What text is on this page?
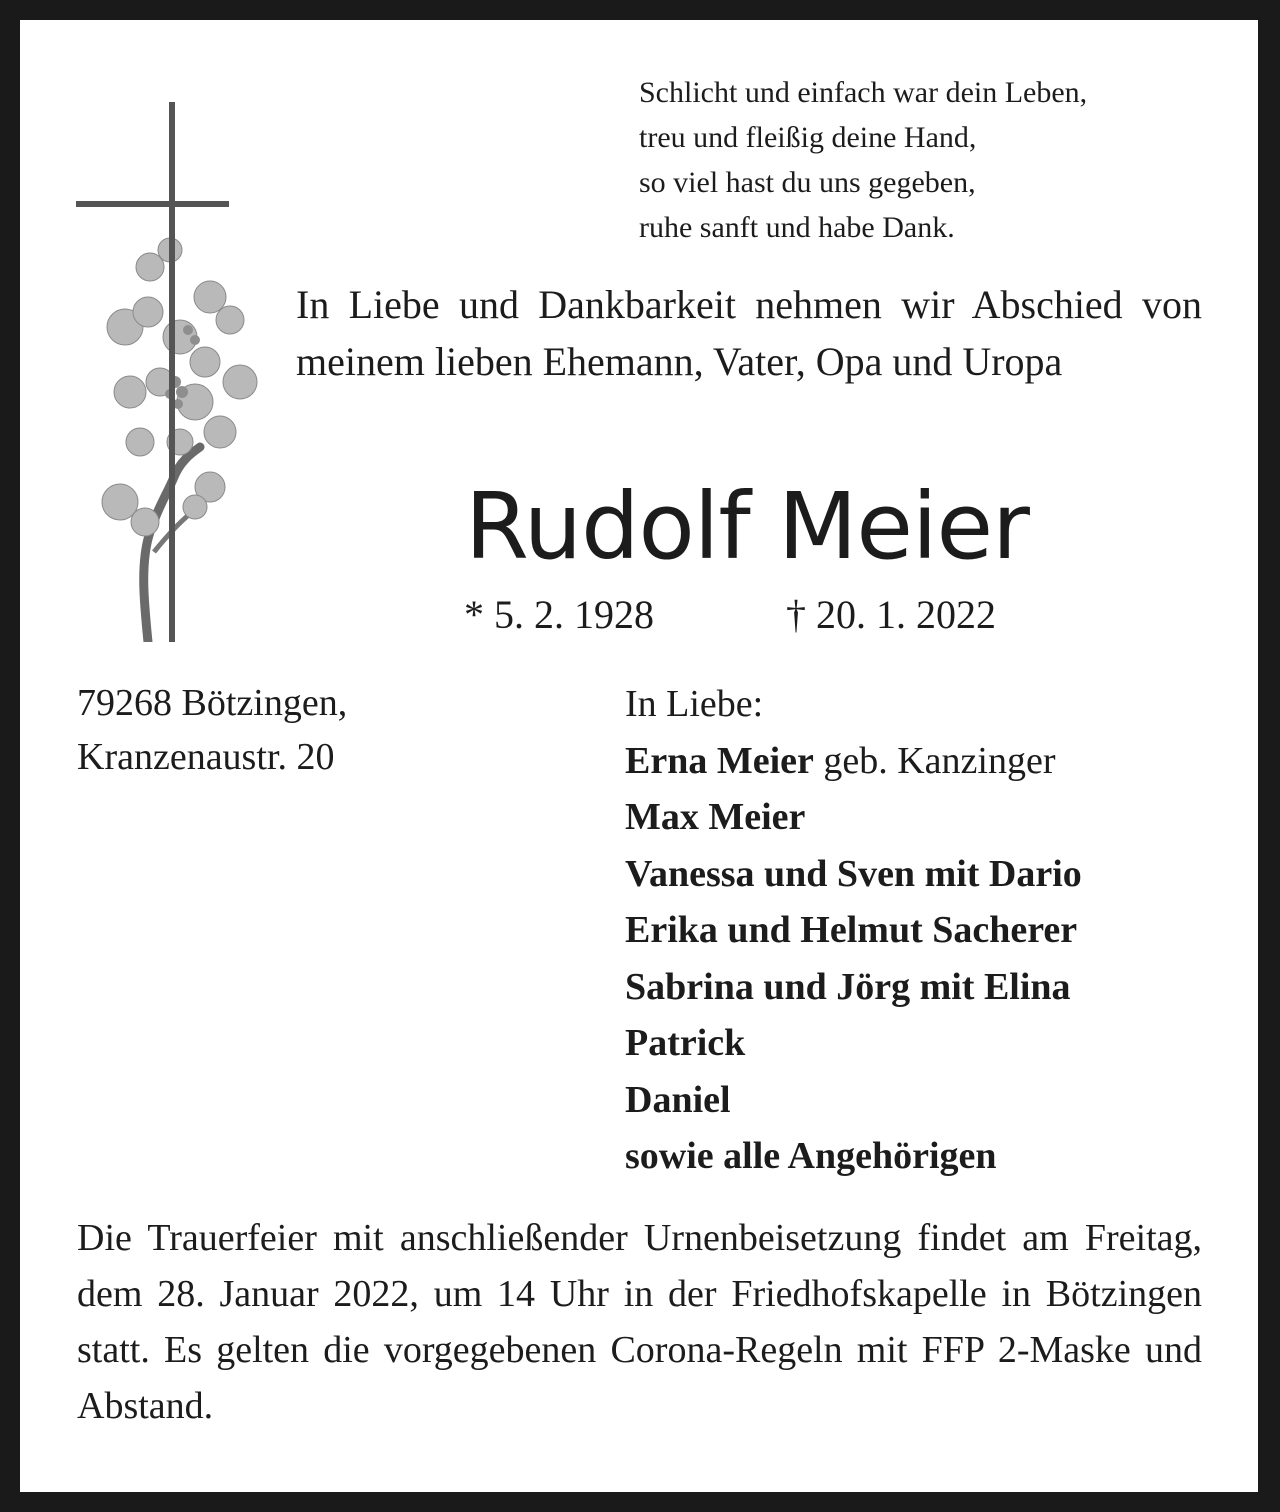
Schlicht und einfach war dein Leben,
treu und fleißig deine Hand,
so viel hast du uns gegeben,
ruhe sanft und habe Dank.
In Liebe und Dankbarkeit nehmen wir Abschied von meinem lieben Ehemann, Vater, Opa und Uropa
Rudolf Meier
* 5. 2. 1928	† 20. 1. 2022
79268 Bötzingen,
Kranzenaustr. 20
In Liebe:
Erna Meier geb. Kanzinger
Max Meier
Vanessa und Sven mit Dario
Erika und Helmut Sacherer
Sabrina und Jörg mit Elina
Patrick
Daniel
sowie alle Angehörigen
Die Trauerfeier mit anschließender Urnenbeisetzung findet am Freitag, dem 28. Januar 2022, um 14 Uhr in der Friedhofskapelle in Bötzingen statt. Es gelten die vorgegebenen Corona-Regeln mit FFP 2-Maske und Abstand.
